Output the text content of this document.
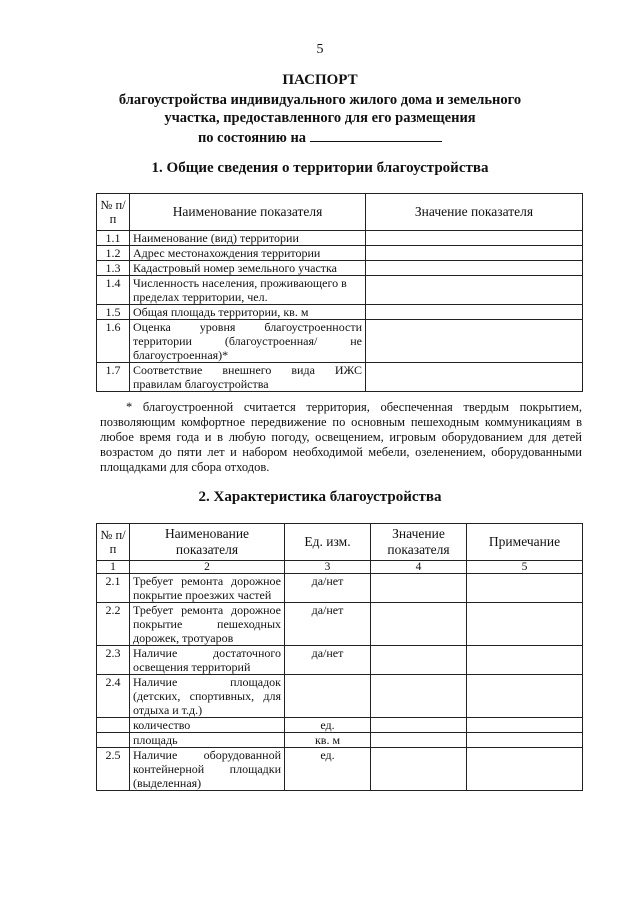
5
ПАСПОРТ
благоустройства индивидуального жилого дома и земельного
участка, предоставленного для его размещения
по состоянию на
1. Общие сведения о территории благоустройства
№ п/п	Наименование показателя	Значение показателя
1.1	Наименование (вид) территории	
1.2	Адрес местонахождения территории	
1.3	Кадастровый номер земельного участка	
1.4	Численность населения, проживающего в пределах территории, чел.	
1.5	Общая площадь территории, кв. м	
1.6	Оценка уровня благоустроенности территории (благоустроенная/ не благоустроенная)*	
1.7	Соответствие внешнего вида ИЖС правилам благоустройства	
* благоустроенной считается территория, обеспеченная твердым покрытием, позволяющим комфортное передвижение по основным пешеходным коммуникациям в любое время года и в любую погоду, освещением, игровым оборудованием для детей возрастом до пяти лет и набором необходимой мебели, озеленением, оборудованными площадками для сбора отходов.
2. Характеристика благоустройства
№ п/п	Наименование показателя	Ед. изм.	Значение показателя	Примечание
1	2	3	4	5
2.1	Требует ремонта дорожное покрытие проезжих частей	да/нет		
2.2	Требует ремонта дорожное покрытие пешеходных дорожек, тротуаров	да/нет		
2.3	Наличие достаточного освещения территорий	да/нет		
2.4	Наличие площадок (детских, спортивных, для отдыха и т.д.)			
	количество	ед.		
	площадь	кв. м		
2.5	Наличие оборудованной контейнерной площадки (выделенная)	ед.		
